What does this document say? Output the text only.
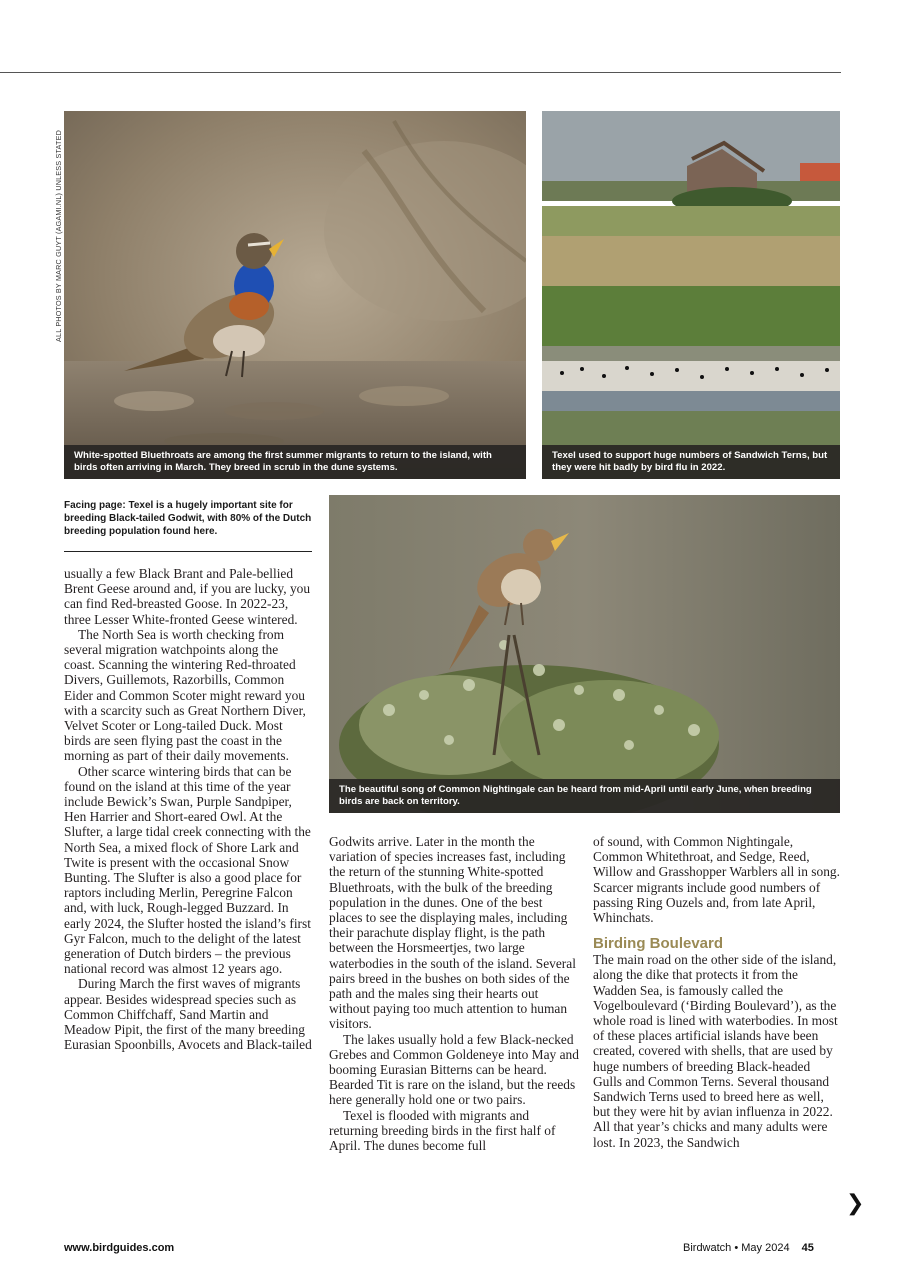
ALL PHOTOS BY MARC GUYT (AGAMI.NL) UNLESS STATED
White-spotted Bluethroats are among the first summer migrants to return to the island, with birds often arriving in March. They breed in scrub in the dune systems.
Texel used to support huge numbers of Sandwich Terns, but they were hit badly by bird flu in 2022.
Facing page: Texel is a hugely important site for breeding Black-tailed Godwit, with 80% of the Dutch breeding population found here.
The beautiful song of Common Nightingale can be heard from mid-April until early June, when breeding birds are back on territory.

usually a few Black Brant and Pale-bellied Brent Geese around and, if you are lucky, you can find Red-breasted Goose. In 2022-23, three Lesser White-fronted Geese wintered.

The North Sea is worth checking from several migration watchpoints along the coast. Scanning the wintering Red-throated Divers, Guillemots, Razorbills, Common Eider and Common Scoter might reward you with a scarcity such as Great Northern Diver, Velvet Scoter or Long-tailed Duck. Most birds are seen flying past the coast in the morning as part of their daily movements.

Other scarce wintering birds that can be found on the island at this time of the year include Bewick’s Swan, Purple Sandpiper, Hen Harrier and Short-eared Owl. At the Slufter, a large tidal creek connecting with the North Sea, a mixed flock of Shore Lark and Twite is present with the occasional Snow Bunting. The Slufter is also a good place for raptors including Merlin, Peregrine Falcon and, with luck, Rough-legged Buzzard. In early 2024, the Slufter hosted the island’s first Gyr Falcon, much to the delight of the latest generation of Dutch birders – the previous national record was almost 12 years ago.

During March the first waves of migrants appear. Besides widespread species such as Common Chiffchaff, Sand Martin and Meadow Pipit, the first of the many breeding Eurasian Spoonbills, Avocets and Black-tailed

Godwits arrive. Later in the month the variation of species increases fast, including the return of the stunning White-spotted Bluethroats, with the bulk of the breeding population in the dunes. One of the best places to see the displaying males, including their parachute display flight, is the path between the Horsmeertjes, two large waterbodies in the south of the island. Several pairs breed in the bushes on both sides of the path and the males sing their hearts out without paying too much attention to human visitors.

The lakes usually hold a few Black-necked Grebes and Common Goldeneye into May and booming Eurasian Bitterns can be heard. Bearded Tit is rare on the island, but the reeds here generally hold one or two pairs.

Texel is flooded with migrants and returning breeding birds in the first half of April. The dunes become full

of sound, with Common Nightingale, Common Whitethroat, and Sedge, Reed, Willow and Grasshopper Warblers all in song. Scarcer migrants include good numbers of passing Ring Ouzels and, from late April, Whinchats.

Birding Boulevard

The main road on the other side of the island, along the dike that protects it from the Wadden Sea, is famously called the Vogelboulevard (‘Birding Boulevard’), as the whole road is lined with waterbodies. In most of these places artificial islands have been created, covered with shells, that are used by huge numbers of breeding Black-headed Gulls and Common Terns. Several thousand Sandwich Terns used to breed here as well, but they were hit by avian influenza in 2022. All that year’s chicks and many adults were lost. In 2023, the Sandwich

❯
www.birdguides.com	Birdwatch • May 2024 45
